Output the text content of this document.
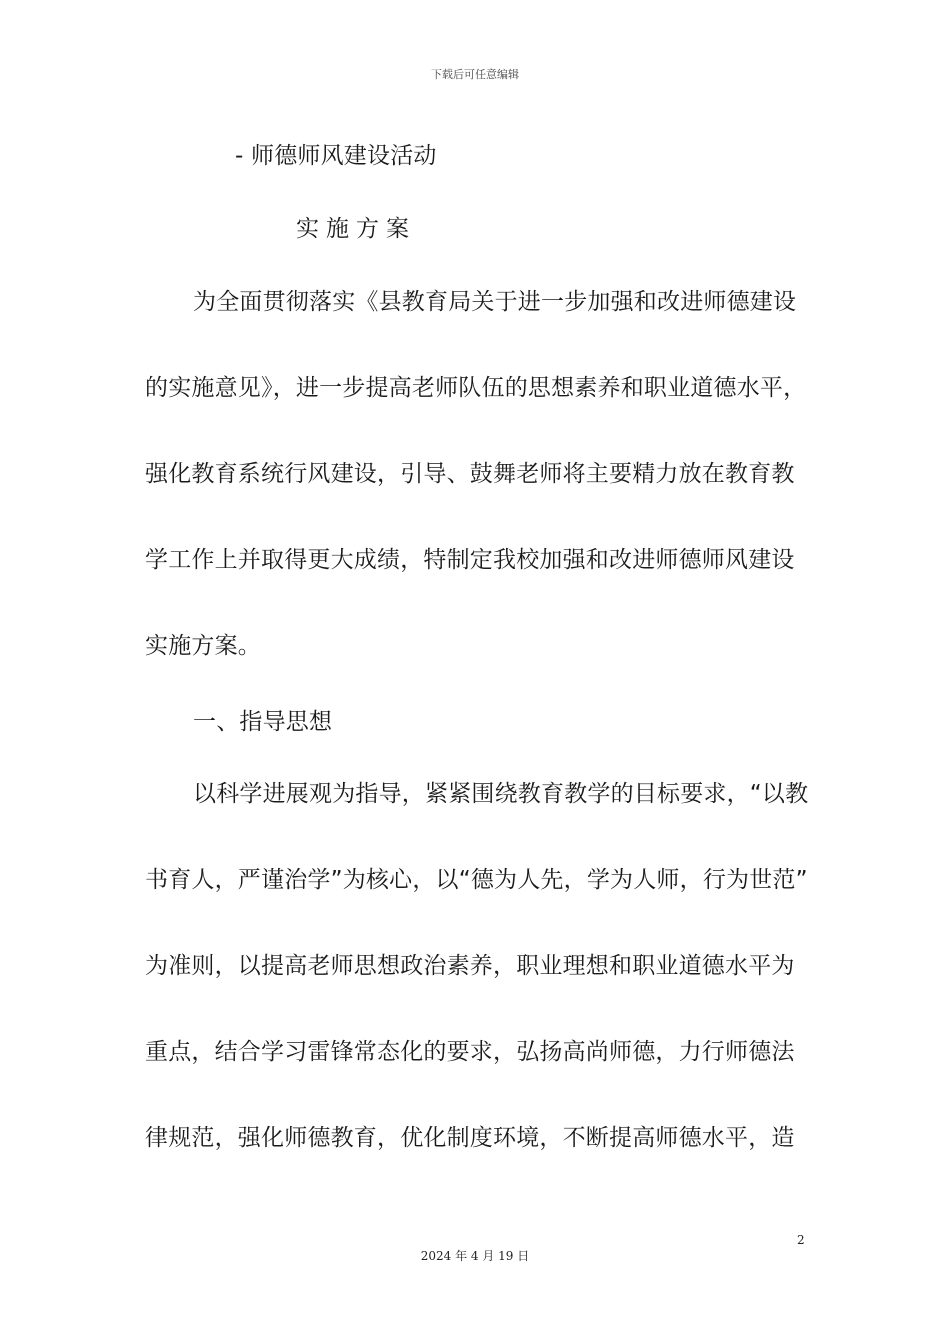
下载后可任意编辑
- 师德师风建设活动
实施方案
为全面贯彻落实《县教育局关于进一步加强和改进师德建设
的实施意见》，进一步提高老师队伍的思想素养和职业道德水平，
强化教育系统行风建设，引导、鼓舞老师将主要精力放在教育教
学工作上并取得更大成绩，特制定我校加强和改进师德师风建设
实施方案。
一、指导思想
以科学进展观为指导，紧紧围绕教育教学的目标要求，“以教
书育人，严谨治学”为核心，以“德为人先，学为人师，行为世范”
为准则，以提高老师思想政治素养，职业理想和职业道德水平为
重点，结合学习雷锋常态化的要求，弘扬高尚师德，力行师德法
律规范，强化师德教育，优化制度环境，不断提高师德水平，造
2
2024 年 4 月 19 日
